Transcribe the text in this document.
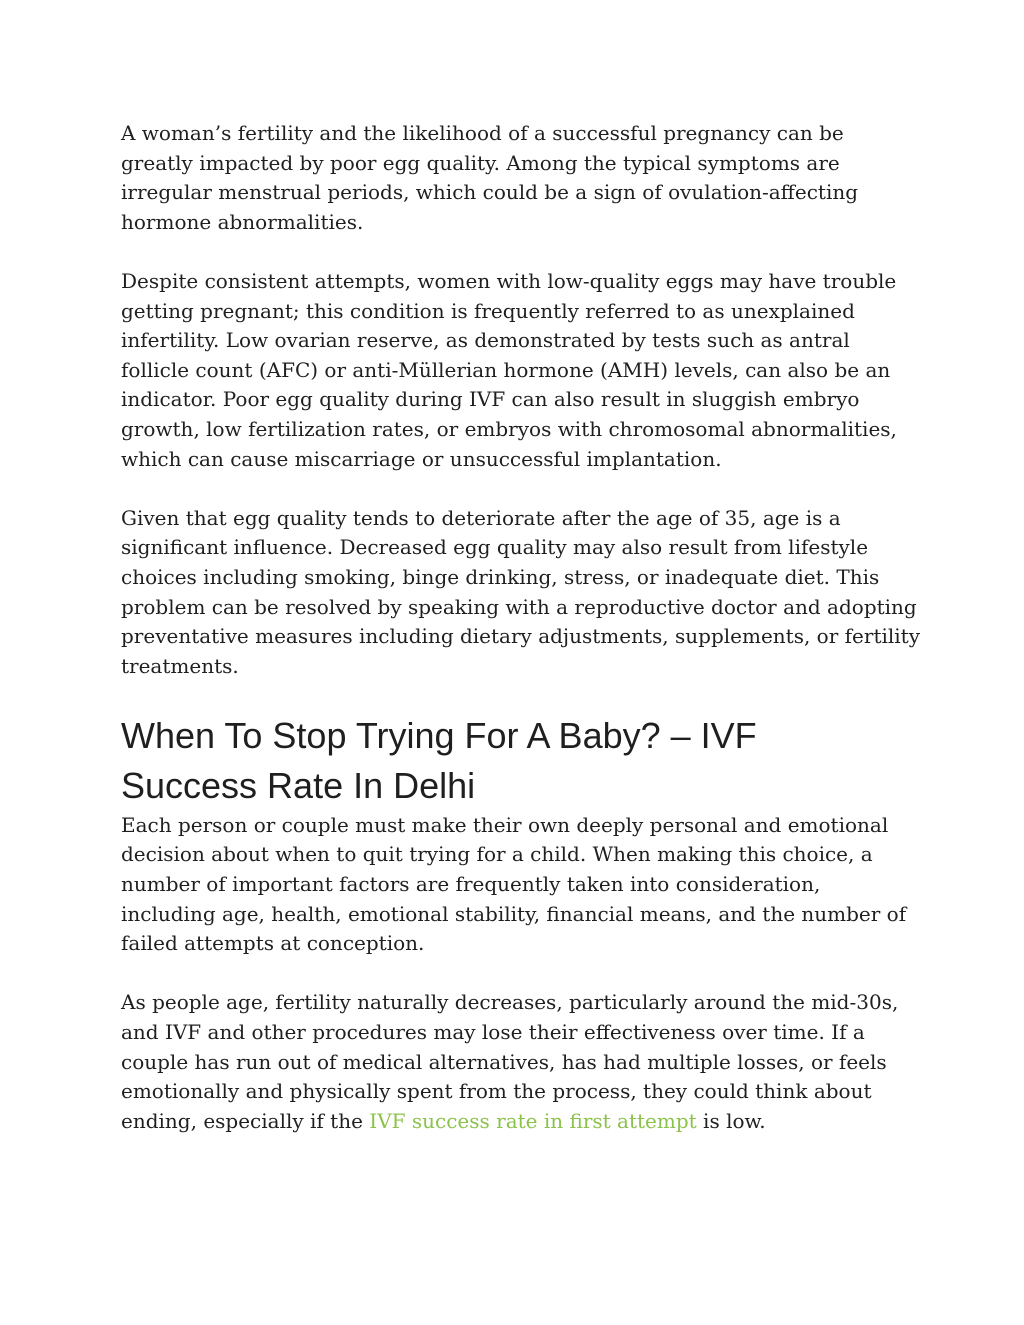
A woman’s fertility and the likelihood of a successful pregnancy can be greatly impacted by poor egg quality. Among the typical symptoms are irregular menstrual periods, which could be a sign of ovulation-affecting hormone abnormalities.

Despite consistent attempts, women with low-quality eggs may have trouble getting pregnant; this condition is frequently referred to as unexplained infertility. Low ovarian reserve, as demonstrated by tests such as antral follicle count (AFC) or anti-Müllerian hormone (AMH) levels, can also be an indicator. Poor egg quality during IVF can also result in sluggish embryo growth, low fertilization rates, or embryos with chromosomal abnormalities, which can cause miscarriage or unsuccessful implantation.

Given that egg quality tends to deteriorate after the age of 35, age is a significant influence. Decreased egg quality may also result from lifestyle choices including smoking, binge drinking, stress, or inadequate diet. This problem can be resolved by speaking with a reproductive doctor and adopting preventative measures including dietary adjustments, supplements, or fertility treatments.

When To Stop Trying For A Baby? – IVF Success Rate In Delhi

Each person or couple must make their own deeply personal and emotional decision about when to quit trying for a child. When making this choice, a number of important factors are frequently taken into consideration, including age, health, emotional stability, financial means, and the number of failed attempts at conception.

As people age, fertility naturally decreases, particularly around the mid-30s, and IVF and other procedures may lose their effectiveness over time. If a couple has run out of medical alternatives, has had multiple losses, or feels emotionally and physically spent from the process, they could think about ending, especially if the IVF success rate in first attempt is low.
